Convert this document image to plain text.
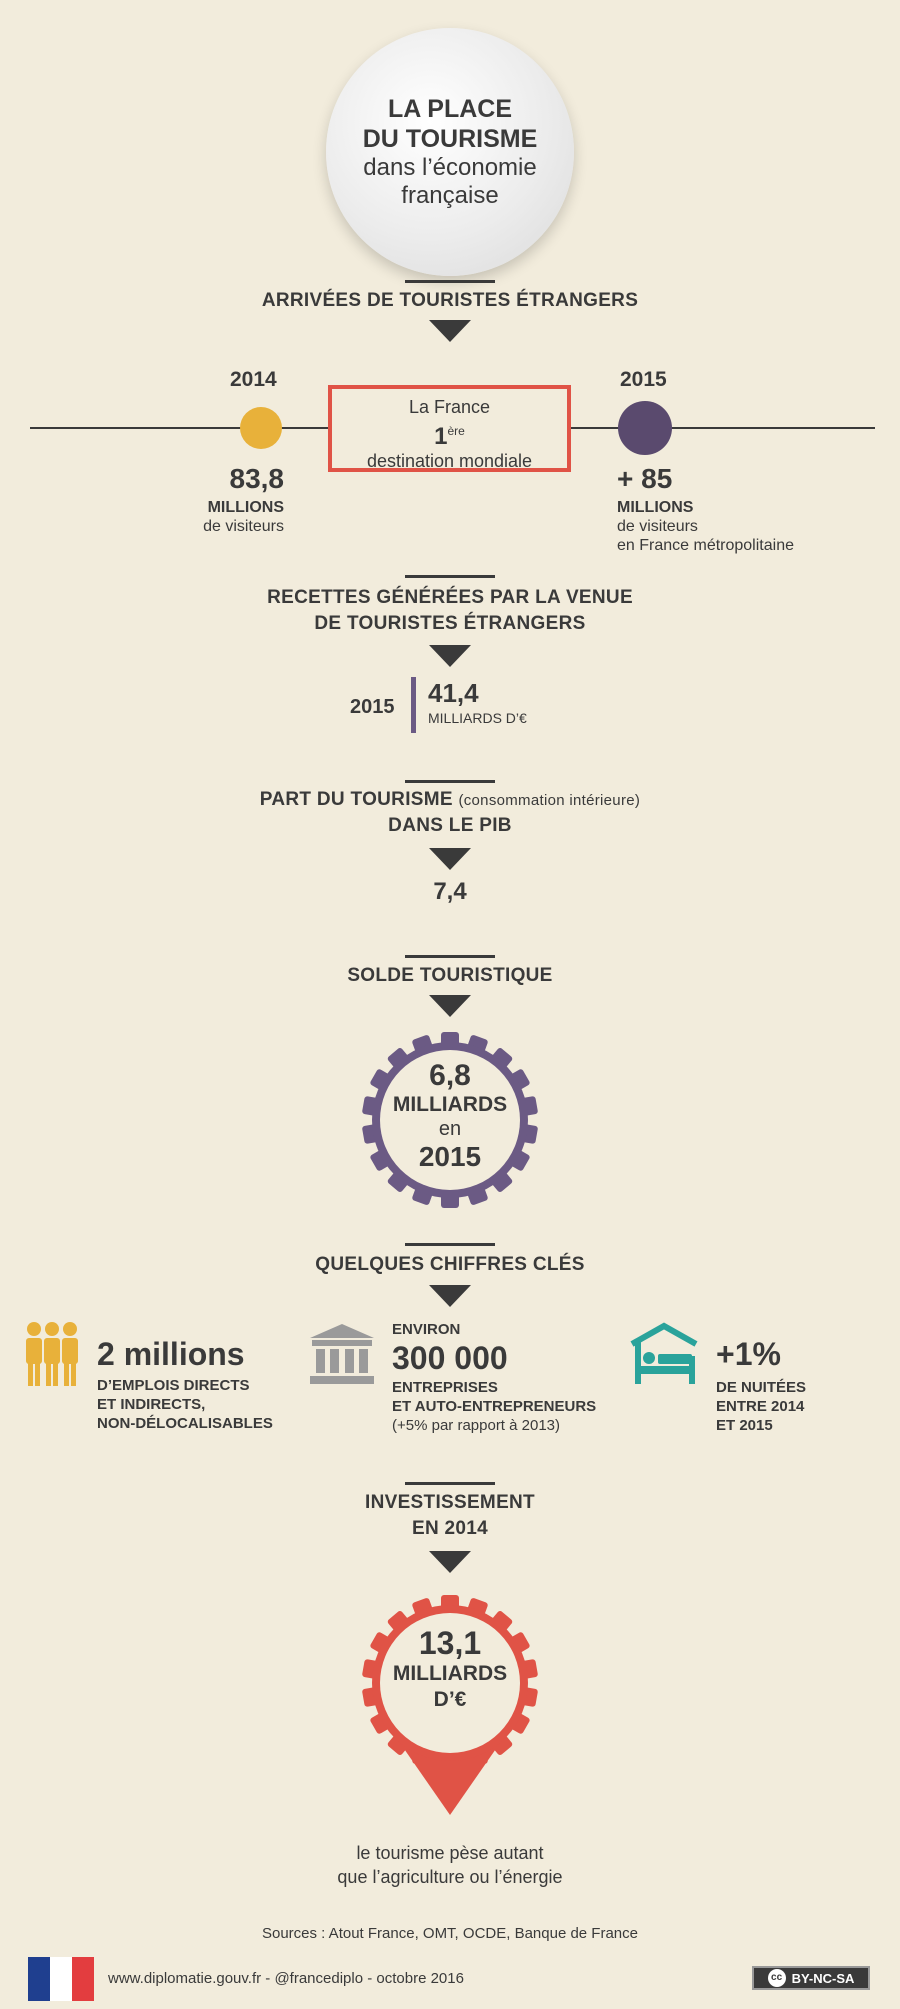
LA PLACE
DU TOURISME
dans l’économie
française
ARRIVÉES DE TOURISTES ÉTRANGERS
2014	2015
La France
1ère
destination mondiale
83,8
MILLIONS
de visiteurs
+ 85
MILLIONS
de visiteurs
en France métropolitaine
RECETTES GÉNÉRÉES PAR LA VENUE
DE TOURISTES ÉTRANGERS
2015 41,4
MILLIARDS D’€
PART DU TOURISME (consommation intérieure)
DANS LE PIB
7,4
SOLDE TOURISTIQUE
6,8
MILLIARDS
en
2015
QUELQUES CHIFFRES CLÉS
2 millions
D’EMPLOIS DIRECTS
ET INDIRECTS,
NON-DÉLOCALISABLES
ENVIRON
300 000
ENTREPRISES
ET AUTO-ENTREPRENEURS
(+5% par rapport à 2013)
+1%
DE NUITÉES
ENTRE 2014
ET 2015
INVESTISSEMENT
EN 2014
13,1
MILLIARDS
D’€
le tourisme pèse autant
que l’agriculture ou l’énergie
Sources : Atout France, OMT, OCDE, Banque de France
www.diplomatie.gouv.fr - @francediplo - octobre 2016	cc BY-NC-SA
